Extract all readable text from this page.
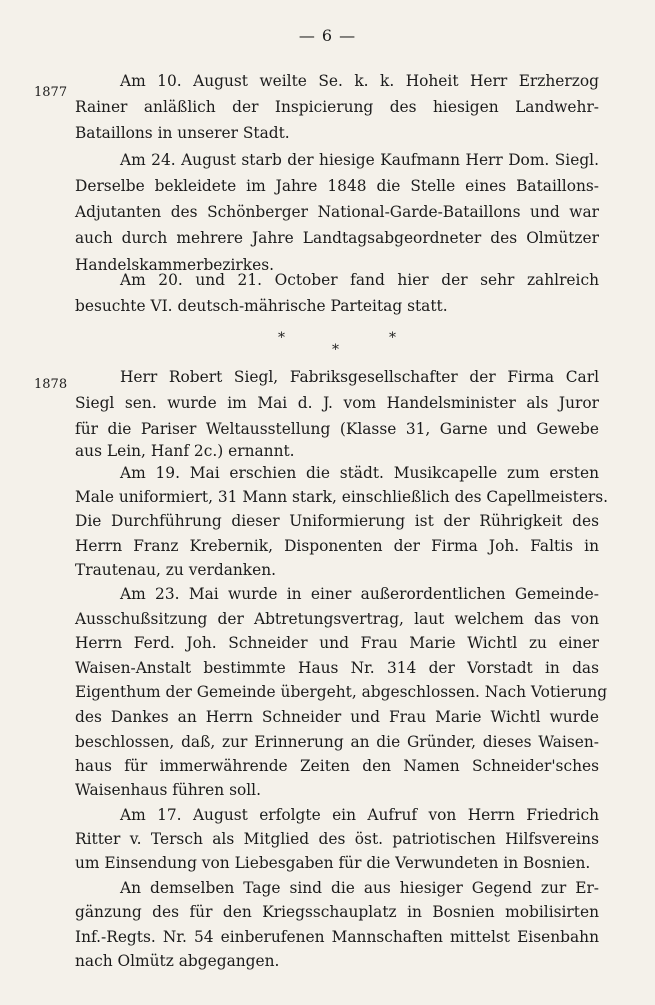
— 6 —
1877
1878
Am 10. August weilte Se. k. k. Hoheit Herr Erzherzog
Rainer anläßlich der Inspicierung des hiesigen Landwehr-
Bataillons in unserer Stadt.
Am 24. August starb der hiesige Kaufmann Herr Dom. Siegl.
Derselbe bekleidete im Jahre 1848 die Stelle eines Bataillons-
Adjutanten des Schönberger National-Garde-Bataillons und war
auch durch mehrere Jahre Landtagsabgeordneter des Olmützer
Handelskammerbezirkes.
Am 20. und 21. October fand hier der sehr zahlreich
besuchte VI. deutsch-mährische Parteitag statt.
*	*
*
Herr Robert Siegl, Fabriksgesellschafter der Firma Carl
Siegl sen. wurde im Mai d. J. vom Handelsminister als Juror
für die Pariser Weltausstellung (Klasse 31, Garne und Gewebe
aus Lein, Hanf 2c.) ernannt.
Am 19. Mai erschien die städt. Musikcapelle zum ersten
Male uniformiert, 31 Mann stark, einschließlich des Capellmeisters.
Die Durchführung dieser Uniformierung ist der Rührigkeit des
Herrn Franz Krebernik, Disponenten der Firma Joh. Faltis in
Trautenau, zu verdanken.
Am 23. Mai wurde in einer außerordentlichen Gemeinde-
Ausschußsitzung der Abtretungsvertrag, laut welchem das von
Herrn Ferd. Joh. Schneider und Frau Marie Wichtl zu einer
Waisen-Anstalt bestimmte Haus Nr. 314 der Vorstadt in das
Eigenthum der Gemeinde übergeht, abgeschlossen. Nach Votierung
des Dankes an Herrn Schneider und Frau Marie Wichtl wurde
beschlossen, daß, zur Erinnerung an die Gründer, dieses Waisen-
haus für immerwährende Zeiten den Namen Schneider'sches
Waisenhaus führen soll.
Am 17. August erfolgte ein Aufruf von Herrn Friedrich
Ritter v. Tersch als Mitglied des öst. patriotischen Hilfsvereins
um Einsendung von Liebesgaben für die Verwundeten in Bosnien.
An demselben Tage sind die aus hiesiger Gegend zur Er-
gänzung des für den Kriegsschauplatz in Bosnien mobilisirten
Inf.-Regts. Nr. 54 einberufenen Mannschaften mittelst Eisenbahn
nach Olmütz abgegangen.
